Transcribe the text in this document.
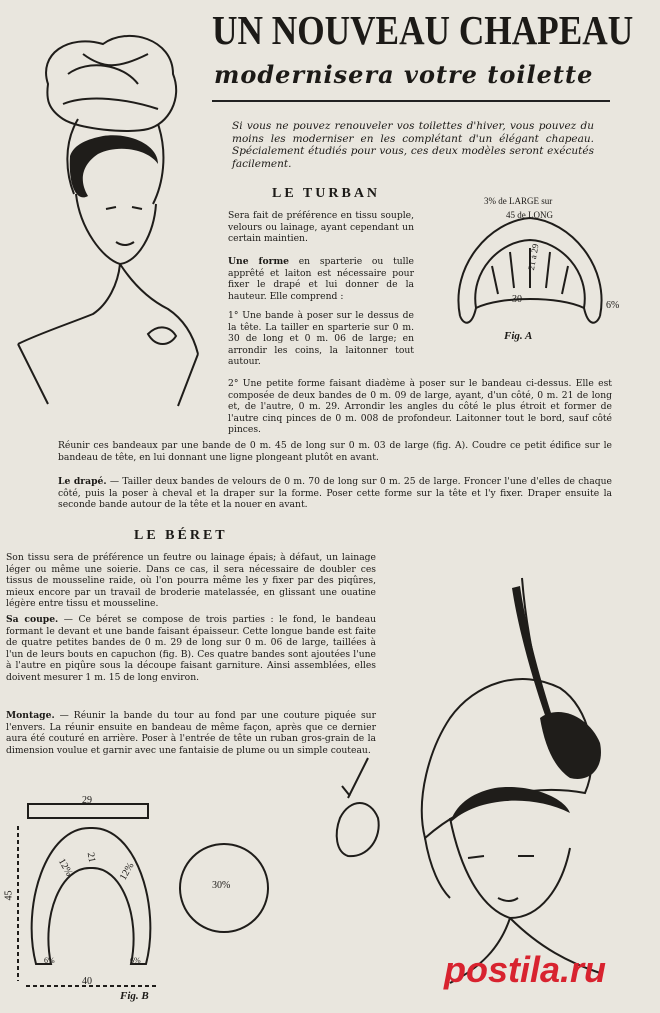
UN NOUVEAU CHAPEAU
modernisera votre toilette
Si vous ne pouvez renouveler vos toilettes d'hiver, vous pouvez du moins les moderniser en les complétant d'un élégant chapeau. Spécialement étudiés pour vous, ces deux modèles seront exécutés facilement.
LE TURBAN

Sera fait de préférence en tissu souple, velours ou lainage, ayant cependant un certain maintien.

Une forme en sparterie ou tulle apprêté et laiton est nécessaire pour fixer le drapé et lui donner de la hauteur. Elle comprend :

1° Une bande à poser sur le dessus de la tête. La tailler en sparterie sur 0 m. 30 de long et 0 m. 06 de large; en arrondir les coins, la laitonner tout autour.

2° Une petite forme faisant diadème à poser sur le bandeau ci-dessus. Elle est composée de deux bandes de 0 m. 09 de large, ayant, d'un côté, 0 m. 21 de long et, de l'autre, 0 m. 29. Arrondir les angles du côté le plus étroit et former de l'autre cinq pinces de 0 m. 008 de profondeur. Laitonner tout le bord, sauf côté pinces.

Réunir ces bandeaux par une bande de 0 m. 45 de long sur 0 m. 03 de large (fig. A). Coudre ce petit édifice sur le bandeau de tête, en lui donnant une ligne plongeant plutôt en avant.

Le drapé. — Tailler deux bandes de velours de 0 m. 70 de long sur 0 m. 25 de large. Froncer l'une d'elles de chaque côté, puis la poser à cheval et la draper sur la forme. Poser cette forme sur la tête et l'y fixer. Draper ensuite la seconde bande autour de la tête et la nouer en avant.

3% de LARGE sur
45 de LONG
21 à 29
30
6%
Fig. A
LE BÉRET

Son tissu sera de préférence un feutre ou lainage épais; à défaut, un lainage léger ou même une soierie. Dans ce cas, il sera nécessaire de doubler ces tissus de mousseline raide, où l'on pourra même les y fixer par des piqûres, mieux encore par un travail de broderie matelassée, en glissant une ouatine légère entre tissu et mousseline.

Sa coupe. — Ce béret se compose de trois parties : le fond, le bandeau formant le devant et une bande faisant épaisseur. Cette longue bande est faite de quatre petites bandes de 0 m. 29 de long sur 0 m. 06 de large, taillées à l'un de leurs bouts en capuchon (fig. B). Ces quatre bandes sont ajoutées l'une à l'autre en piqûre sous la découpe faisant garniture. Ainsi assemblées, elles doivent mesurer 1 m. 15 de long environ.

Montage. — Réunir la bande du tour au fond par une couture piquée sur l'envers. La réunir ensuite en bandeau de même façon, après que ce dernier aura été couturé en arrière. Poser à l'entrée de tête un ruban gros-grain de la dimension voulue et garnir avec une fantaisie de plume ou un simple couteau.

29
40
45
21
12%	12%
6%	6%
30%
Fig. B
postila.ru
